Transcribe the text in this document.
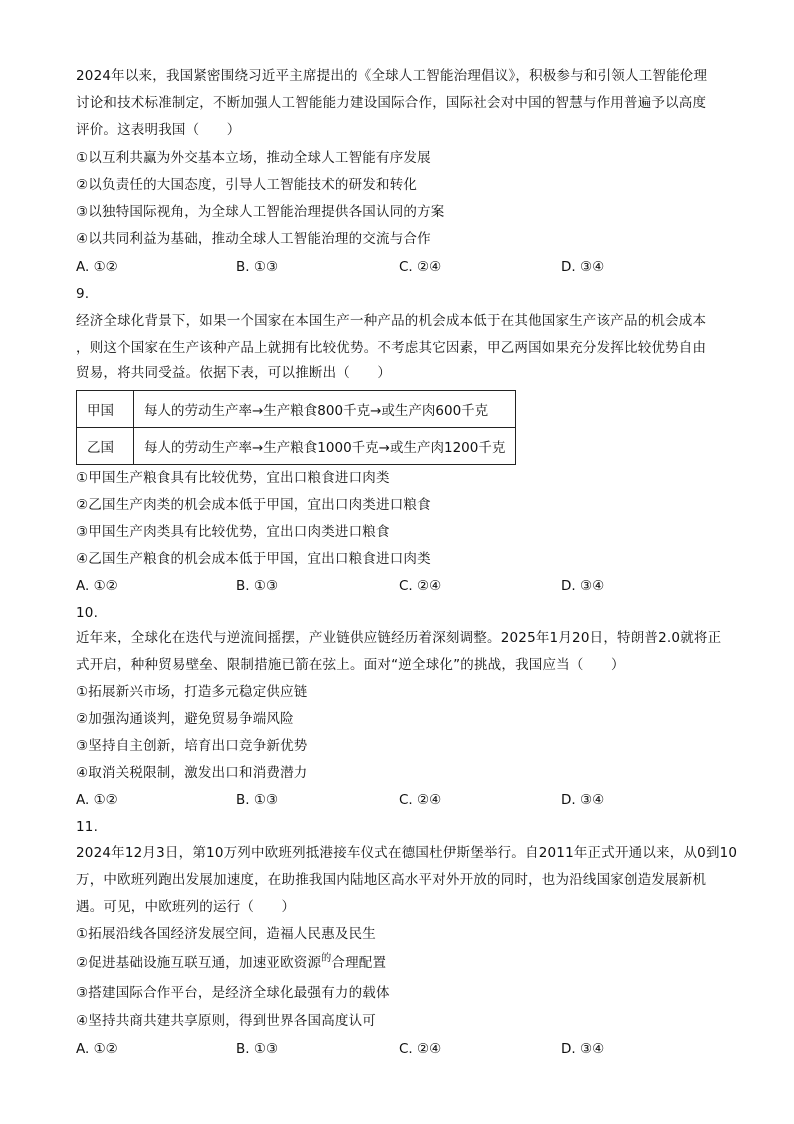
2024年以来，我国紧密围绕习近平主席提出的《全球人工智能治理倡议》，积极参与和引领人工智能伦理
讨论和技术标准制定，不断加强人工智能能力建设国际合作，国际社会对中国的智慧与作用普遍予以高度
评价。这表明我国（　　）
①以互利共赢为外交基本立场，推动全球人工智能有序发展
②以负责任的大国态度，引导人工智能技术的研发和转化
③以独特国际视角，为全球人工智能治理提供各国认同的方案
④以共同利益为基础，推动全球人工智能治理的交流与合作
A. ①②	B. ①③	C. ②④	D. ③④
9.
经济全球化背景下，如果一个国家在本国生产一种产品的机会成本低于在其他国家生产该产品的机会成本
，则这个国家在生产该种产品上就拥有比较优势。不考虑其它因素，甲乙两国如果充分发挥比较优势自由
贸易，将共同受益。依据下表，可以推断出（　　）
甲国	每人的劳动生产率→生产粮食800千克→或生产肉600千克
乙国	每人的劳动生产率→生产粮食1000千克→或生产肉1200千克
①甲国生产粮食具有比较优势，宜出口粮食进口肉类
②乙国生产肉类的机会成本低于甲国，宜出口肉类进口粮食
③甲国生产肉类具有比较优势，宜出口肉类进口粮食
④乙国生产粮食的机会成本低于甲国，宜出口粮食进口肉类
A. ①②	B. ①③	C. ②④	D. ③④
10.
近年来，全球化在迭代与逆流间摇摆，产业链供应链经历着深刻调整。2025年1月20日，特朗普2.0就将正
式开启，种种贸易壁垒、限制措施已箭在弦上。面对“逆全球化”的挑战，我国应当（　　）
①拓展新兴市场，打造多元稳定供应链
②加强沟通谈判，避免贸易争端风险
③坚持自主创新，培育出口竞争新优势
④取消关税限制，激发出口和消费潜力
A. ①②	B. ①③	C. ②④	D. ③④
11.
2024年12月3日，第10万列中欧班列抵港接车仪式在德国杜伊斯堡举行。自2011年正式开通以来，从0到10
万，中欧班列跑出发展加速度，在助推我国内陆地区高水平对外开放的同时，也为沿线国家创造发展新机
遇。可见，中欧班列的运行（　　）
①拓展沿线各国经济发展空间，造福人民惠及民生
②促进基础设施互联互通，加速亚欧资源$^的$合理配置
③搭建国际合作平台，是经济全球化最强有力的载体
④坚持共商共建共享原则，得到世界各国高度认可
A. ①②	B. ①③	C. ②④	D. ③④
